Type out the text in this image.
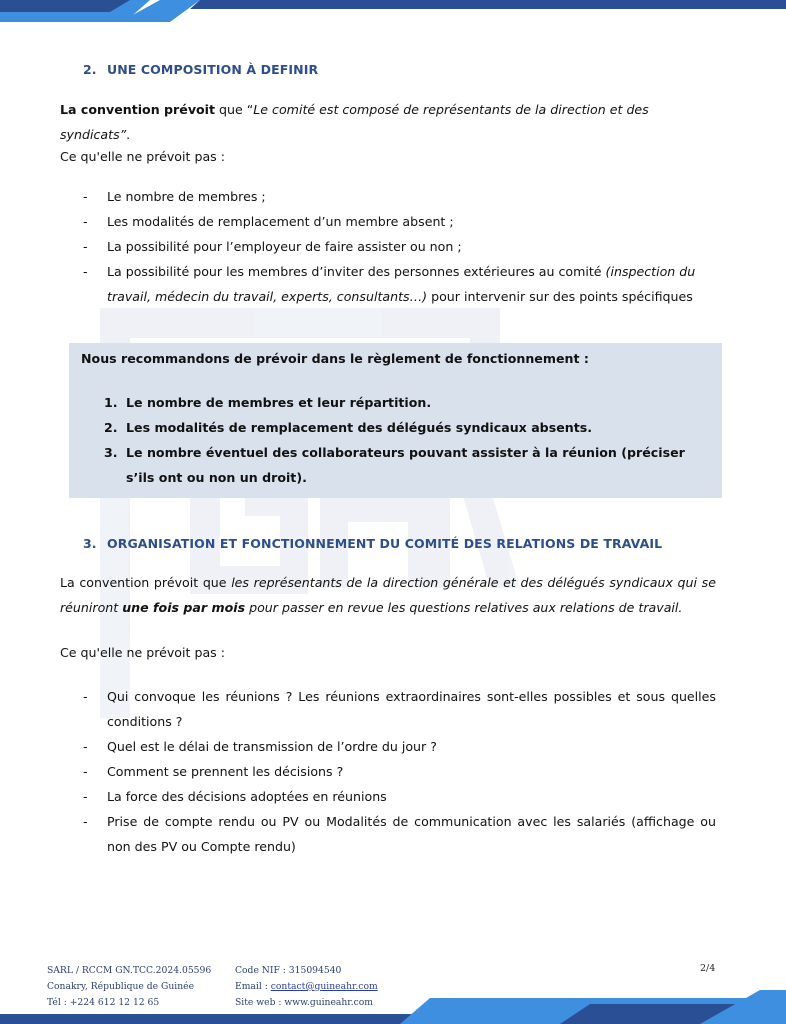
2. UNE COMPOSITION À DEFINIR
La convention prévoit que “Le comité est composé de représentants de la direction et des syndicats”.
Ce qu'elle ne prévoit pas :
- Le nombre de membres ;
- Les modalités de remplacement d’un membre absent ;
- La possibilité pour l’employeur de faire assister ou non ;
- La possibilité pour les membres d’inviter des personnes extérieures au comité (inspection du travail, médecin du travail, experts, consultants…) pour intervenir sur des points spécifiques
Nous recommandons de prévoir dans le règlement de fonctionnement :
1. Le nombre de membres et leur répartition.
2. Les modalités de remplacement des délégués syndicaux absents.
3. Le nombre éventuel des collaborateurs pouvant assister à la réunion (préciser s’ils ont ou non un droit).
3. ORGANISATION ET FONCTIONNEMENT DU COMITÉ DES RELATIONS DE TRAVAIL
La convention prévoit que les représentants de la direction générale et des délégués syndicaux qui se réuniront une fois par mois pour passer en revue les questions relatives aux relations de travail.
Ce qu'elle ne prévoit pas :
- Qui convoque les réunions ? Les réunions extraordinaires sont-elles possibles et sous quelles conditions ?
- Quel est le délai de transmission de l’ordre du jour ?
- Comment se prennent les décisions ?
- La force des décisions adoptées en réunions
- Prise de compte rendu ou PV ou Modalités de communication avec les salariés (affichage ou non des PV ou Compte rendu)
SARL / RCCM GN.TCC.2024.05596
Conakry, République de Guinée
Tél : +224 612 12 12 65
Code NIF : 315094540
Email : contact@guineahr.com
Site web : www.guineahr.com
2/4
